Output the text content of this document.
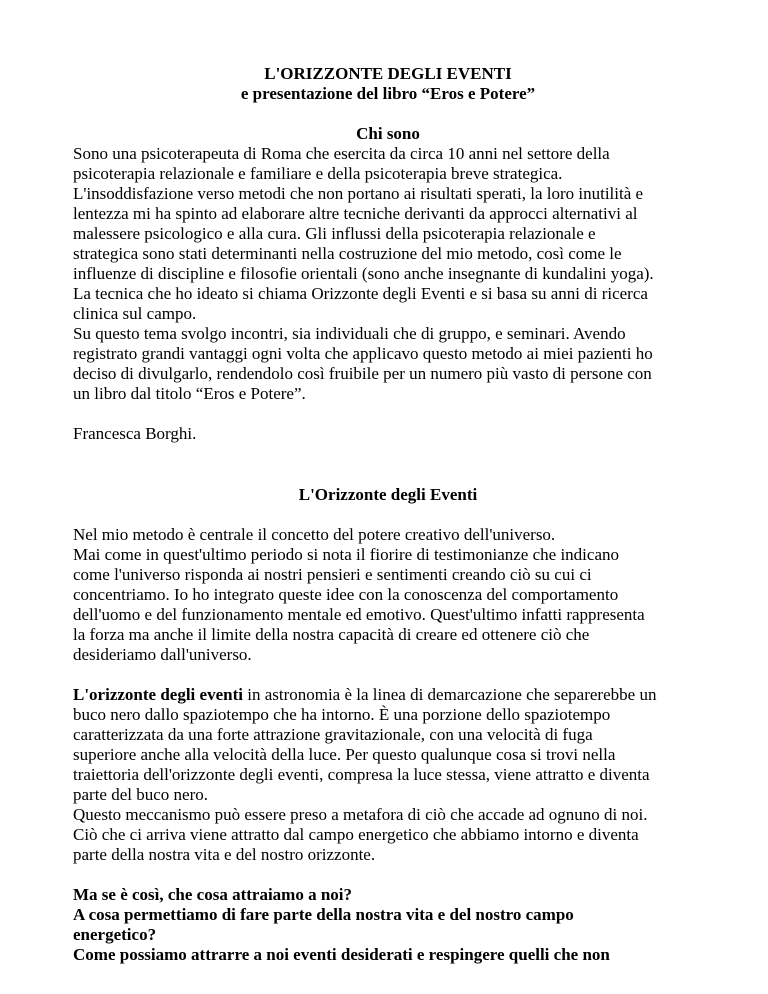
L'ORIZZONTE DEGLI EVENTI
e presentazione del libro “Eros e Potere”
Chi sono

Sono una psicoterapeuta di Roma che esercita da circa 10 anni nel settore della

psicoterapia relazionale e familiare e della psicoterapia breve strategica.

L'insoddisfazione verso metodi che non portano ai risultati sperati, la loro inutilità e

lentezza mi ha spinto ad elaborare altre tecniche derivanti da approcci alternativi al

malessere psicologico e alla cura. Gli influssi della psicoterapia relazionale e

strategica sono stati determinanti nella costruzione del mio metodo, così come le

influenze di discipline e filosofie orientali (sono anche insegnante di kundalini yoga).

La tecnica che ho ideato si chiama Orizzonte degli Eventi e si basa su anni di ricerca

clinica sul campo.

Su questo tema svolgo incontri, sia individuali che di gruppo, e seminari. Avendo

registrato grandi vantaggi ogni volta che applicavo questo metodo ai miei pazienti ho

deciso di divulgarlo, rendendolo così fruibile per un numero più vasto di persone con

un libro dal titolo “Eros e Potere”.

Francesca Borghi.

L'Orizzonte degli Eventi

Nel mio metodo è centrale il concetto del potere creativo dell'universo.

Mai come in quest'ultimo periodo si nota il fiorire di testimonianze che indicano

come l'universo risponda ai nostri pensieri e sentimenti creando ciò su cui ci

concentriamo. Io ho integrato queste idee con la conoscenza del comportamento

dell'uomo e del funzionamento mentale ed emotivo. Quest'ultimo infatti rappresenta

la forza ma anche il limite della nostra capacità di creare ed ottenere ciò che

desideriamo dall'universo.

L'orizzonte degli eventi in astronomia è la linea di demarcazione che separerebbe un

buco nero dallo spaziotempo che ha intorno. È una porzione dello spaziotempo

caratterizzata da una forte attrazione gravitazionale, con una velocità di fuga

superiore anche alla velocità della luce. Per questo qualunque cosa si trovi nella

traiettoria dell'orizzonte degli eventi, compresa la luce stessa, viene attratto e diventa

parte del buco nero.

Questo meccanismo può essere preso a metafora di ciò che accade ad ognuno di noi.

Ciò che ci arriva viene attratto dal campo energetico che abbiamo intorno e diventa

parte della nostra vita e del nostro orizzonte.

Ma se è così, che cosa attraiamo a noi?

A cosa permettiamo di fare parte della nostra vita e del nostro campo

energetico?

Come possiamo attrarre a noi eventi desiderati e respingere quelli che non
